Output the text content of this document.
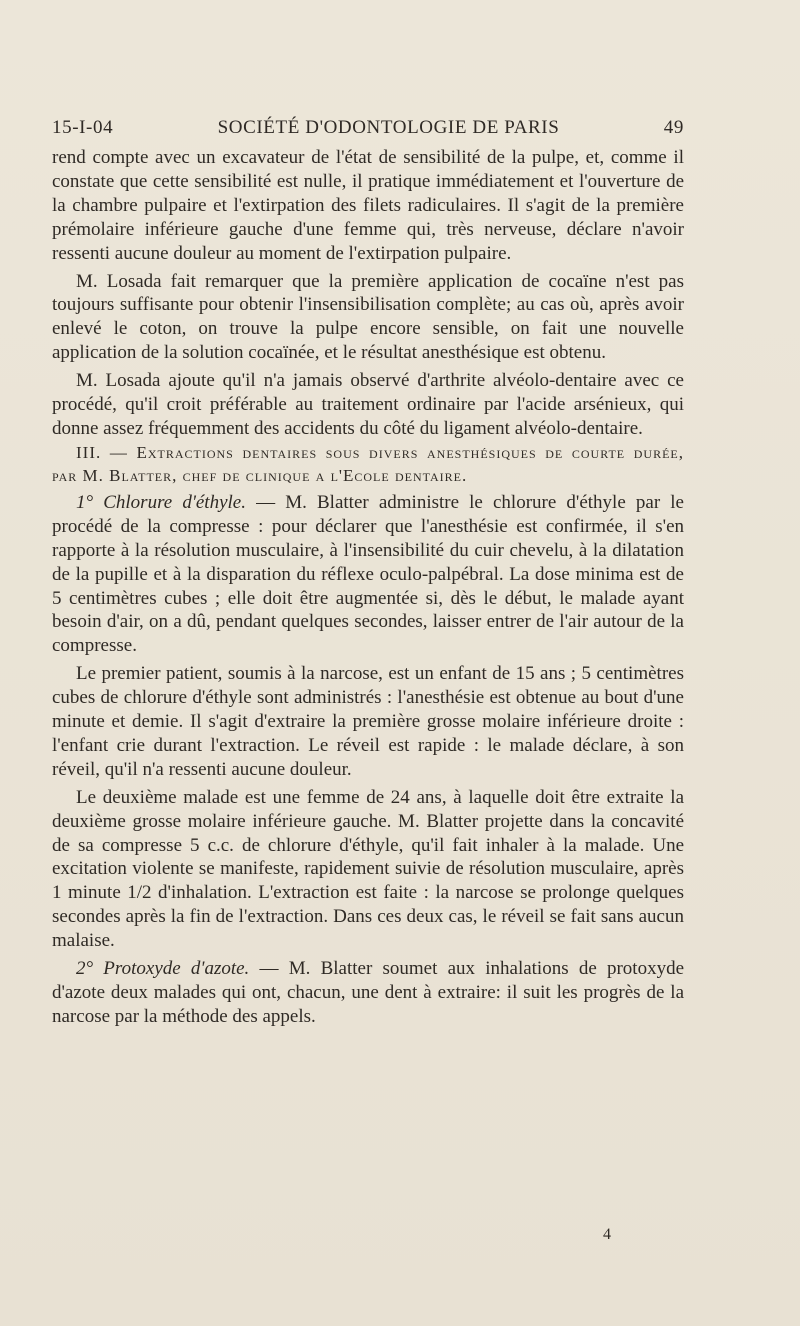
15-I-04	SOCIÉTÉ D'ODONTOLOGIE DE PARIS	49

rend compte avec un excavateur de l'état de sensibilité de la pulpe, et, comme il constate que cette sensibilité est nulle, il pratique immédiatement et l'ouverture de la chambre pulpaire et l'extirpation des filets radiculaires. Il s'agit de la première prémolaire inférieure gauche d'une femme qui, très nerveuse, déclare n'avoir ressenti aucune douleur au moment de l'extirpation pulpaire.

M. Losada fait remarquer que la première application de cocaïne n'est pas toujours suffisante pour obtenir l'insensibilisation complète; au cas où, après avoir enlevé le coton, on trouve la pulpe encore sensible, on fait une nouvelle application de la solution cocaïnée, et le résultat anesthésique est obtenu.

M. Losada ajoute qu'il n'a jamais observé d'arthrite alvéolo-dentaire avec ce procédé, qu'il croit préférable au traitement ordinaire par l'acide arsénieux, qui donne assez fréquemment des accidents du côté du ligament alvéolo-dentaire.

III. — Extractions dentaires sous divers anesthésiques de courte durée, par M. Blatter, chef de clinique a l'Ecole dentaire.

1° Chlorure d'éthyle. — M. Blatter administre le chlorure d'éthyle par le procédé de la compresse : pour déclarer que l'anesthésie est confirmée, il s'en rapporte à la résolution musculaire, à l'insensibilité du cuir chevelu, à la dilatation de la pupille et à la disparation du réflexe oculo-palpébral. La dose minima est de 5 centimètres cubes ; elle doit être augmentée si, dès le début, le malade ayant besoin d'air, on a dû, pendant quelques secondes, laisser entrer de l'air autour de la compresse.

Le premier patient, soumis à la narcose, est un enfant de 15 ans ; 5 centimètres cubes de chlorure d'éthyle sont administrés : l'anesthésie est obtenue au bout d'une minute et demie. Il s'agit d'extraire la première grosse molaire inférieure droite : l'enfant crie durant l'extraction. Le réveil est rapide : le malade déclare, à son réveil, qu'il n'a ressenti aucune douleur.

Le deuxième malade est une femme de 24 ans, à laquelle doit être extraite la deuxième grosse molaire inférieure gauche. M. Blatter projette dans la concavité de sa compresse 5 c.c. de chlorure d'éthyle, qu'il fait inhaler à la malade. Une excitation violente se manifeste, rapidement suivie de résolution musculaire, après 1 minute 1/2 d'inhalation. L'extraction est faite : la narcose se prolonge quelques secondes après la fin de l'extraction. Dans ces deux cas, le réveil se fait sans aucun malaise.

2° Protoxyde d'azote. — M. Blatter soumet aux inhalations de protoxyde d'azote deux malades qui ont, chacun, une dent à extraire: il suit les progrès de la narcose par la méthode des appels.

4
